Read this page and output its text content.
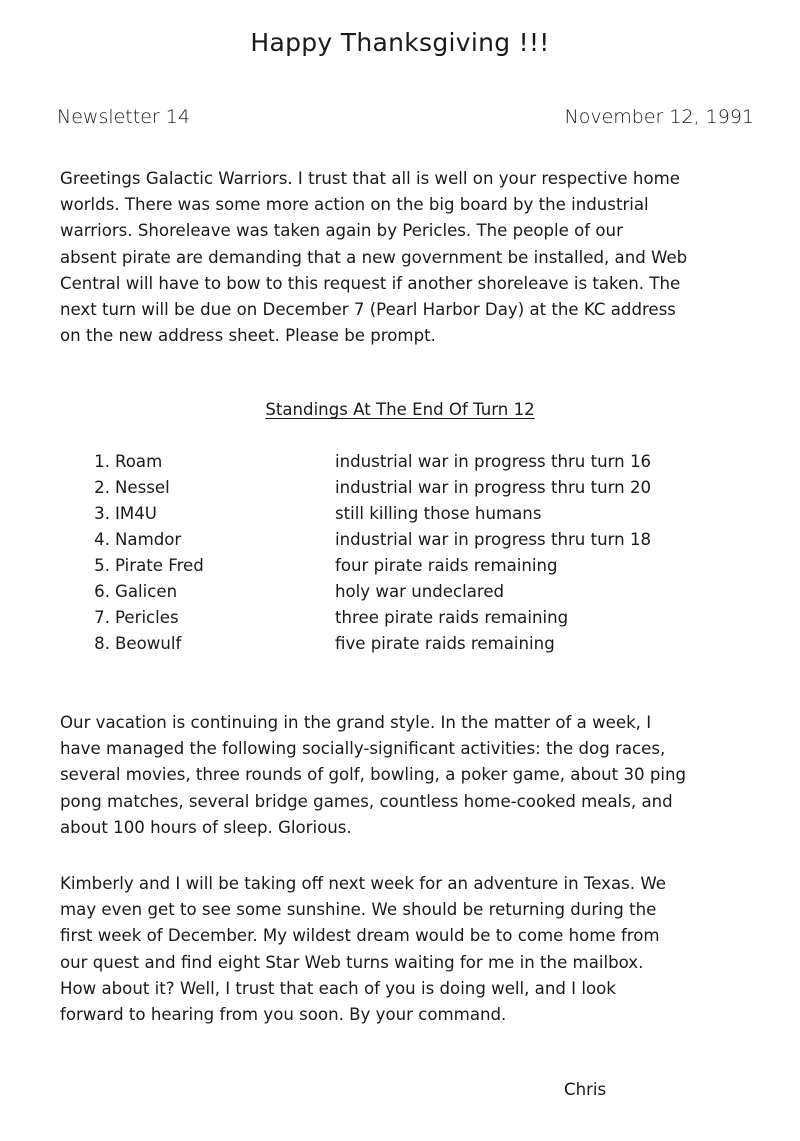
Happy Thanksgiving !!!
Newsletter 14	November 12, 1991
Greetings Galactic Warriors. I trust that all is well on your respective home
worlds. There was some more action on the big board by the industrial
warriors. Shoreleave was taken again by Pericles. The people of our
absent pirate are demanding that a new government be installed, and Web
Central will have to bow to this request if another shoreleave is taken. The
next turn will be due on December 7 (Pearl Harbor Day) at the KC address
on the new address sheet. Please be prompt.
Standings At The End Of Turn 12
1. Roam	industrial war in progress thru turn 16
2. Nessel	industrial war in progress thru turn 20
3. IM4U	still killing those humans
4. Namdor	industrial war in progress thru turn 18
5. Pirate Fred	four pirate raids remaining
6. Galicen	holy war undeclared
7. Pericles	three pirate raids remaining
8. Beowulf	five pirate raids remaining
Our vacation is continuing in the grand style. In the matter of a week, I
have managed the following socially-significant activities: the dog races,
several movies, three rounds of golf, bowling, a poker game, about 30 ping
pong matches, several bridge games, countless home-cooked meals, and
about 100 hours of sleep. Glorious.
Kimberly and I will be taking off next week for an adventure in Texas. We
may even get to see some sunshine. We should be returning during the
first week of December. My wildest dream would be to come home from
our quest and find eight Star Web turns waiting for me in the mailbox.
How about it? Well, I trust that each of you is doing well, and I look
forward to hearing from you soon. By your command.
Chris
